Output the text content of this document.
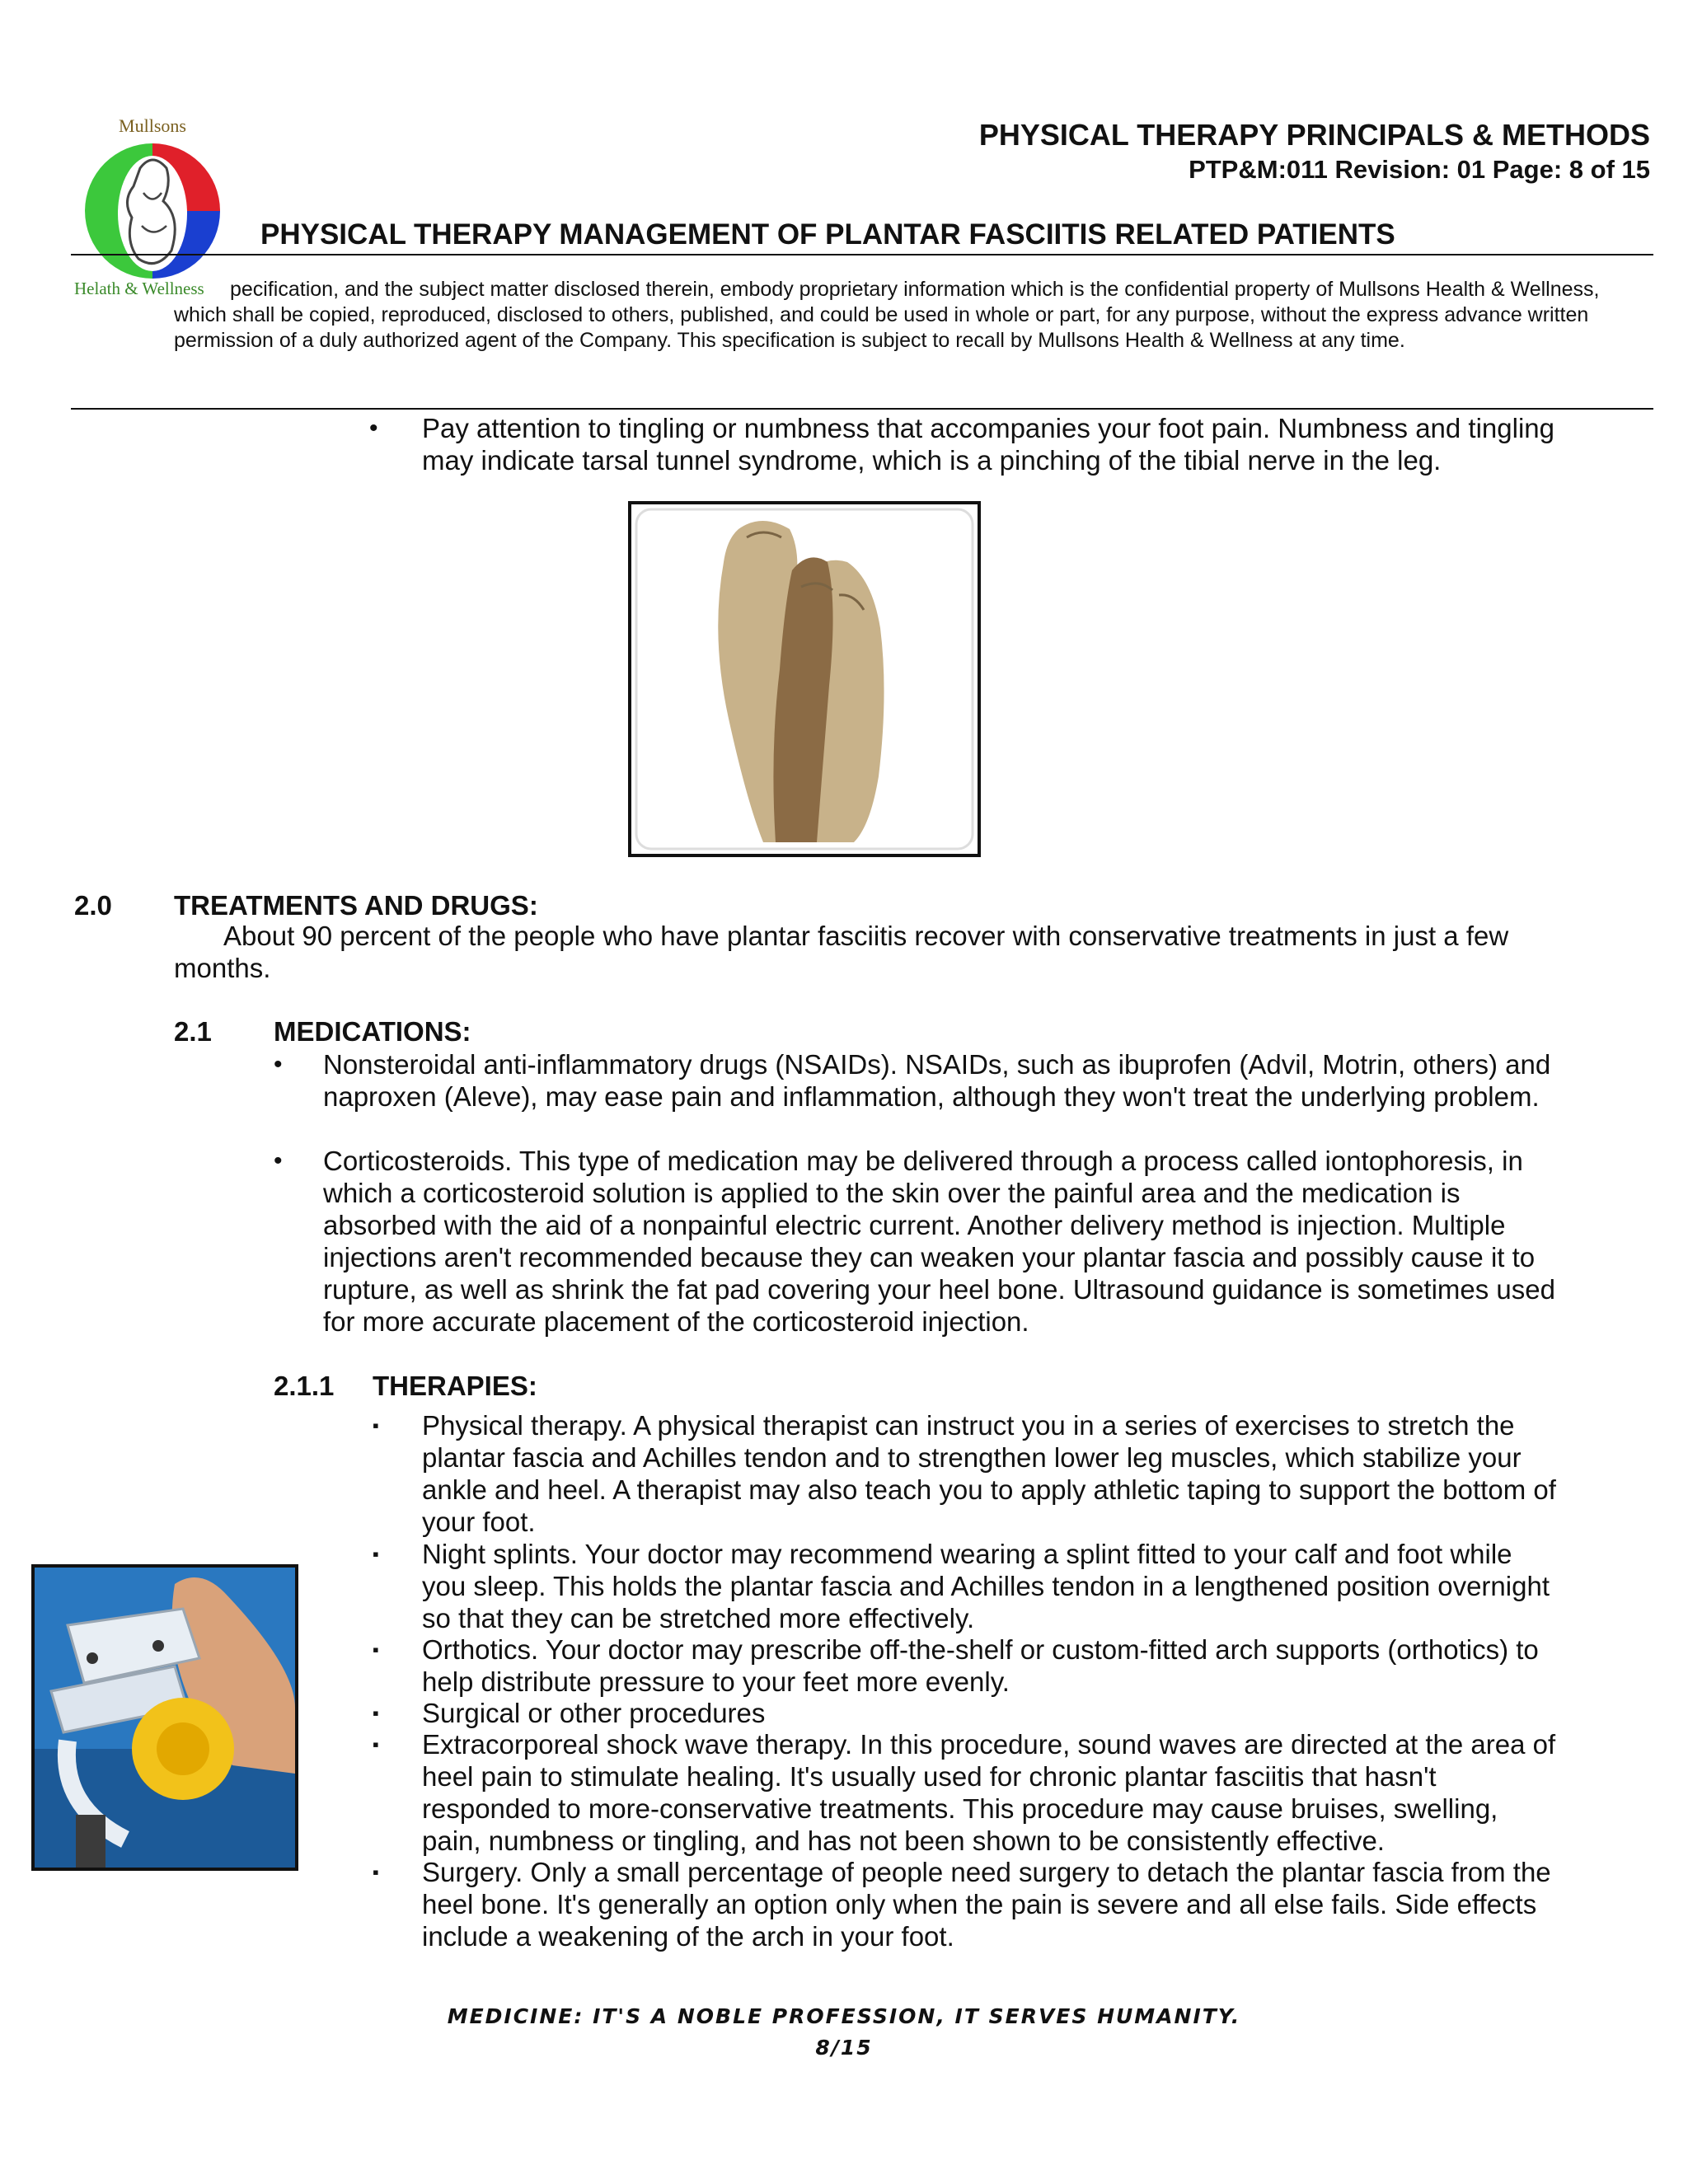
Mullsons
Helath & Wellness
PHYSICAL THERAPY PRINCIPALS & METHODS
PTP&M:011 Revision: 01 Page: 8 of 15
PHYSICAL THERAPY MANAGEMENT OF PLANTAR FASCIITIS RELATED PATIENTS
pecification, and the subject matter disclosed therein, embody proprietary information which is the confidential property of Mullsons Health & Wellness, which shall be copied, reproduced, disclosed to others, published, and could be used in whole or part, for any purpose, without the express advance written permission of a duly authorized agent of the Company. This specification is subject to recall by Mullsons Health & Wellness at any time.
•	Pay attention to tingling or numbness that accompanies your foot pain. Numbness and tingling may indicate tarsal tunnel syndrome, which is a pinching of the tibial nerve in the leg.
2.0 TREATMENTS AND DRUGS:
About 90 percent of the people who have plantar fasciitis recover with conservative treatments in just a few months.
2.1 MEDICATIONS:
•	Nonsteroidal anti-inflammatory drugs (NSAIDs). NSAIDs, such as ibuprofen (Advil, Motrin, others) and naproxen (Aleve), may ease pain and inflammation, although they won't treat the underlying problem.
•	Corticosteroids. This type of medication may be delivered through a process called iontophoresis, in which a corticosteroid solution is applied to the skin over the painful area and the medication is absorbed with the aid of a nonpainful electric current. Another delivery method is injection. Multiple injections aren't recommended because they can weaken your plantar fascia and possibly cause it to rupture, as well as shrink the fat pad covering your heel bone. Ultrasound guidance is sometimes used for more accurate placement of the corticosteroid injection.
2.1.1 THERAPIES:
▪	Physical therapy. A physical therapist can instruct you in a series of exercises to stretch the plantar fascia and Achilles tendon and to strengthen lower leg muscles, which stabilize your ankle and heel. A therapist may also teach you to apply athletic taping to support the bottom of your foot.
▪	Night splints. Your doctor may recommend wearing a splint fitted to your calf and foot while you sleep. This holds the plantar fascia and Achilles tendon in a lengthened position overnight so that they can be stretched more effectively.
▪	Orthotics. Your doctor may prescribe off-the-shelf or custom-fitted arch supports (orthotics) to help distribute pressure to your feet more evenly.
▪	Surgical or other procedures
▪	Extracorporeal shock wave therapy. In this procedure, sound waves are directed at the area of heel pain to stimulate healing. It's usually used for chronic plantar fasciitis that hasn't responded to more-conservative treatments. This procedure may cause bruises, swelling, pain, numbness or tingling, and has not been shown to be consistently effective.
▪	Surgery. Only a small percentage of people need surgery to detach the plantar fascia from the heel bone. It's generally an option only when the pain is severe and all else fails. Side effects include a weakening of the arch in your foot.
MEDICINE: IT'S A NOBLE PROFESSION, IT SERVES HUMANITY.
8/15
